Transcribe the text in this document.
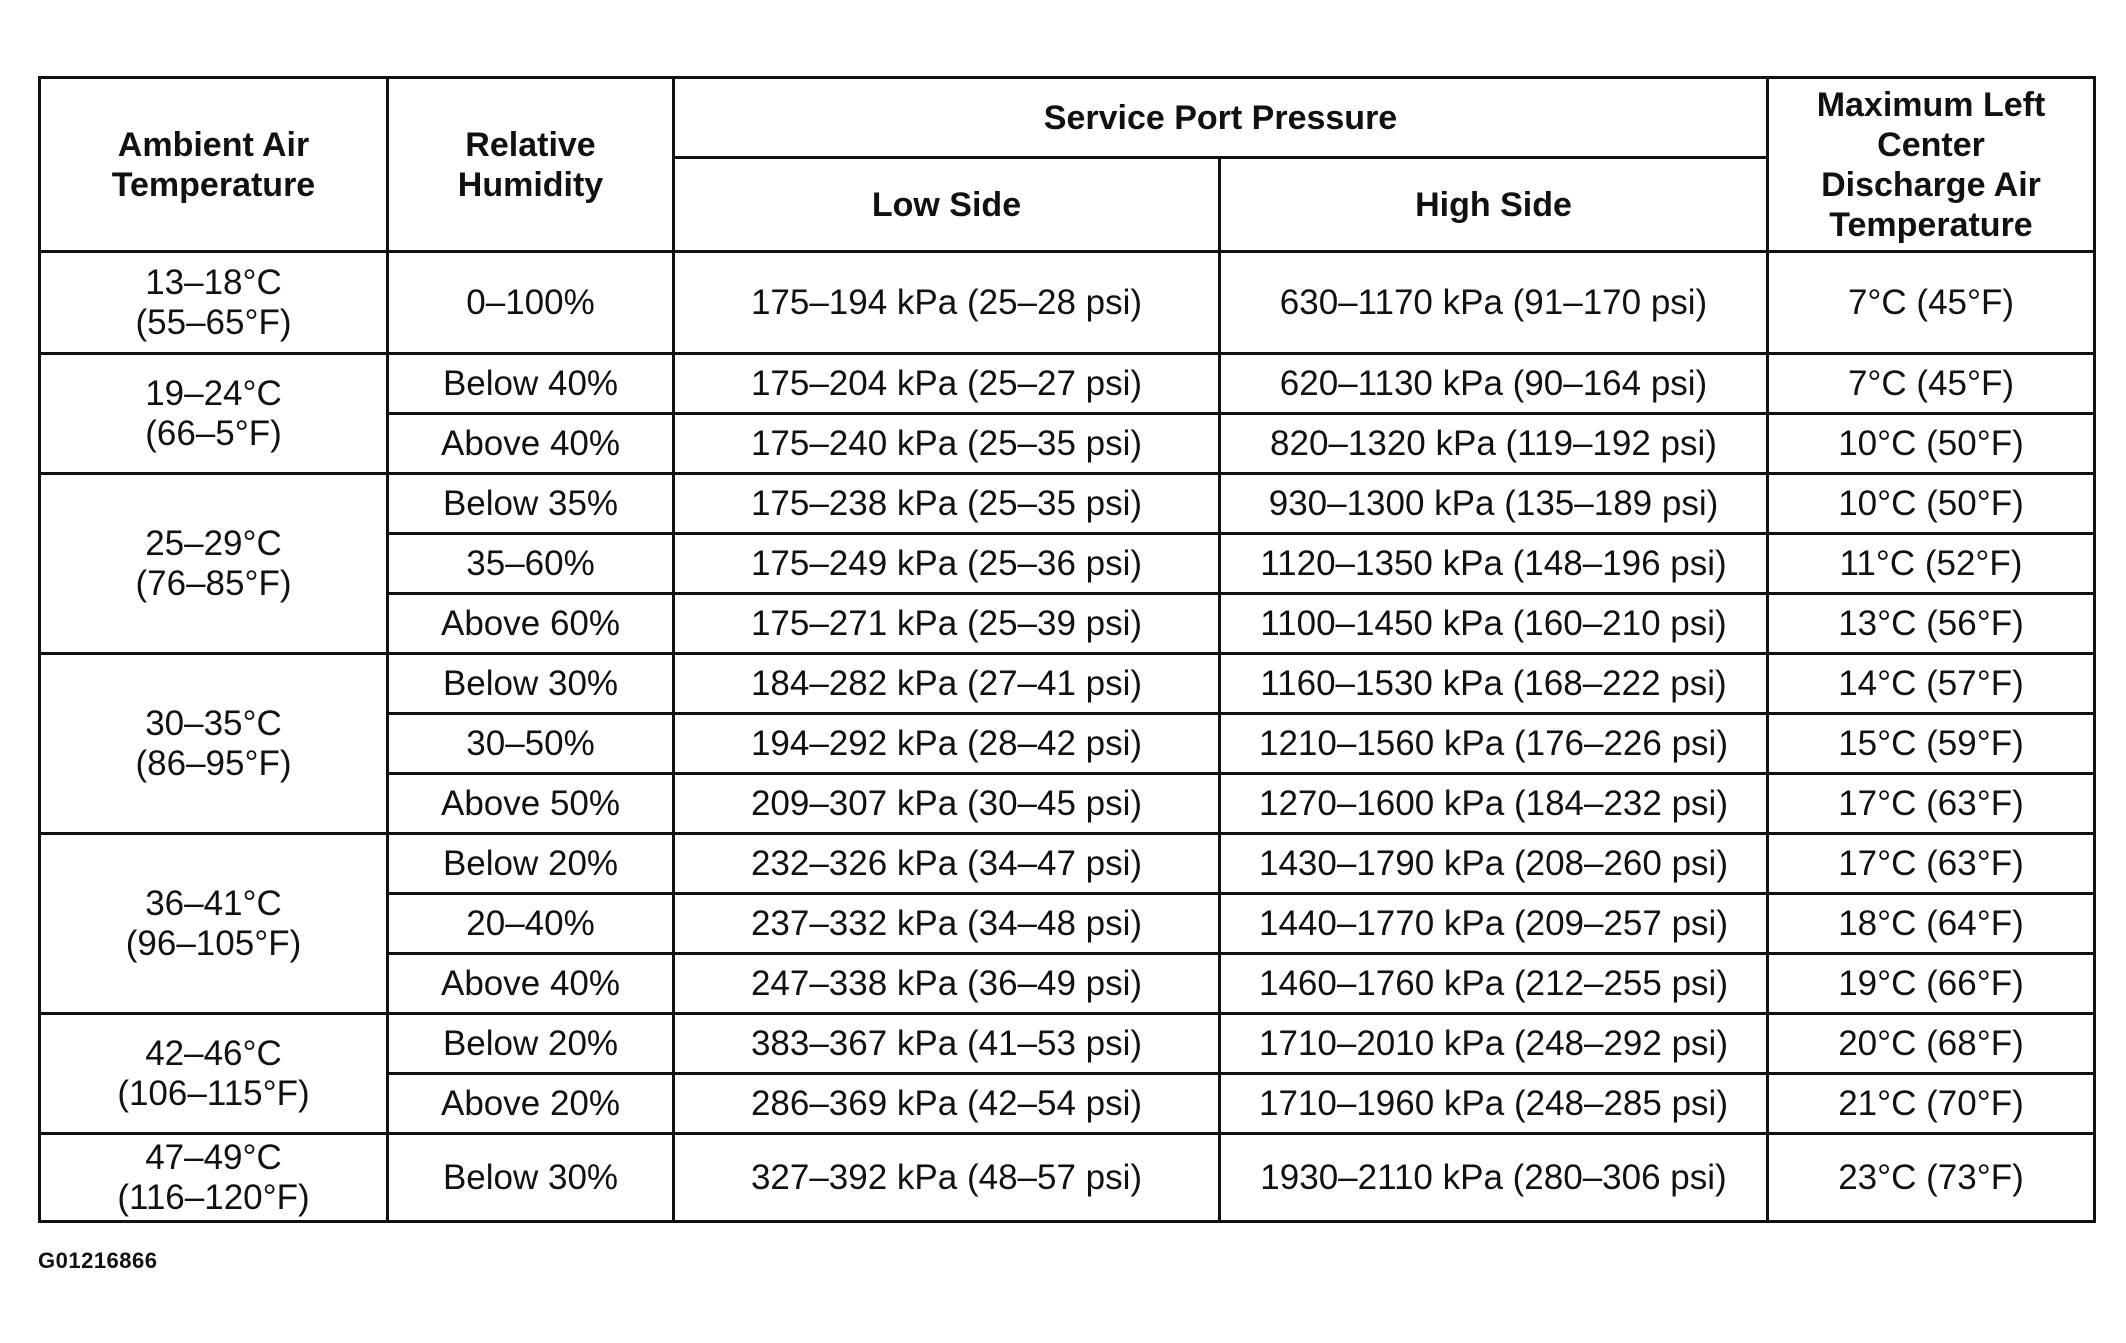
Ambient Air
Temperature	Relative
Humidity	Service Port Pressure		Maximum Left
Center
Discharge Air
Temperature

		Low Side	High Side	

13–18°C
(55–65°F)	0–100%	175–194 kPa (25–28 psi)	630–1170 kPa (91–170 psi)	7°C (45°F)

19–24°C
(66–5°F)	Below 40%	175–204 kPa (25–27 psi)	620–1130 kPa (90–164 psi)	7°C (45°F)
	Above 40%	175–240 kPa (25–35 psi)	820–1320 kPa (119–192 psi)	10°C (50°F)

25–29°C
(76–85°F)	Below 35%	175–238 kPa (25–35 psi)	930–1300 kPa (135–189 psi)	10°C (50°F)
	35–60%	175–249 kPa (25–36 psi)	1120–1350 kPa (148–196 psi)	11°C (52°F)
	Above 60%	175–271 kPa (25–39 psi)	1100–1450 kPa (160–210 psi)	13°C (56°F)

30–35°C
(86–95°F)	Below 30%	184–282 kPa (27–41 psi)	1160–1530 kPa (168–222 psi)	14°C (57°F)
	30–50%	194–292 kPa (28–42 psi)	1210–1560 kPa (176–226 psi)	15°C (59°F)
	Above 50%	209–307 kPa (30–45 psi)	1270–1600 kPa (184–232 psi)	17°C (63°F)

36–41°C
(96–105°F)	Below 20%	232–326 kPa (34–47 psi)	1430–1790 kPa (208–260 psi)	17°C (63°F)
	20–40%	237–332 kPa (34–48 psi)	1440–1770 kPa (209–257 psi)	18°C (64°F)
	Above 40%	247–338 kPa (36–49 psi)	1460–1760 kPa (212–255 psi)	19°C (66°F)

42–46°C
(106–115°F)	Below 20%	383–367 kPa (41–53 psi)	1710–2010 kPa (248–292 psi)	20°C (68°F)
	Above 20%	286–369 kPa (42–54 psi)	1710–1960 kPa (248–285 psi)	21°C (70°F)

47–49°C
(116–120°F)	Below 30%	327–392 kPa (48–57 psi)	1930–2110 kPa (280–306 psi)	23°C (73°F)
G01216866
